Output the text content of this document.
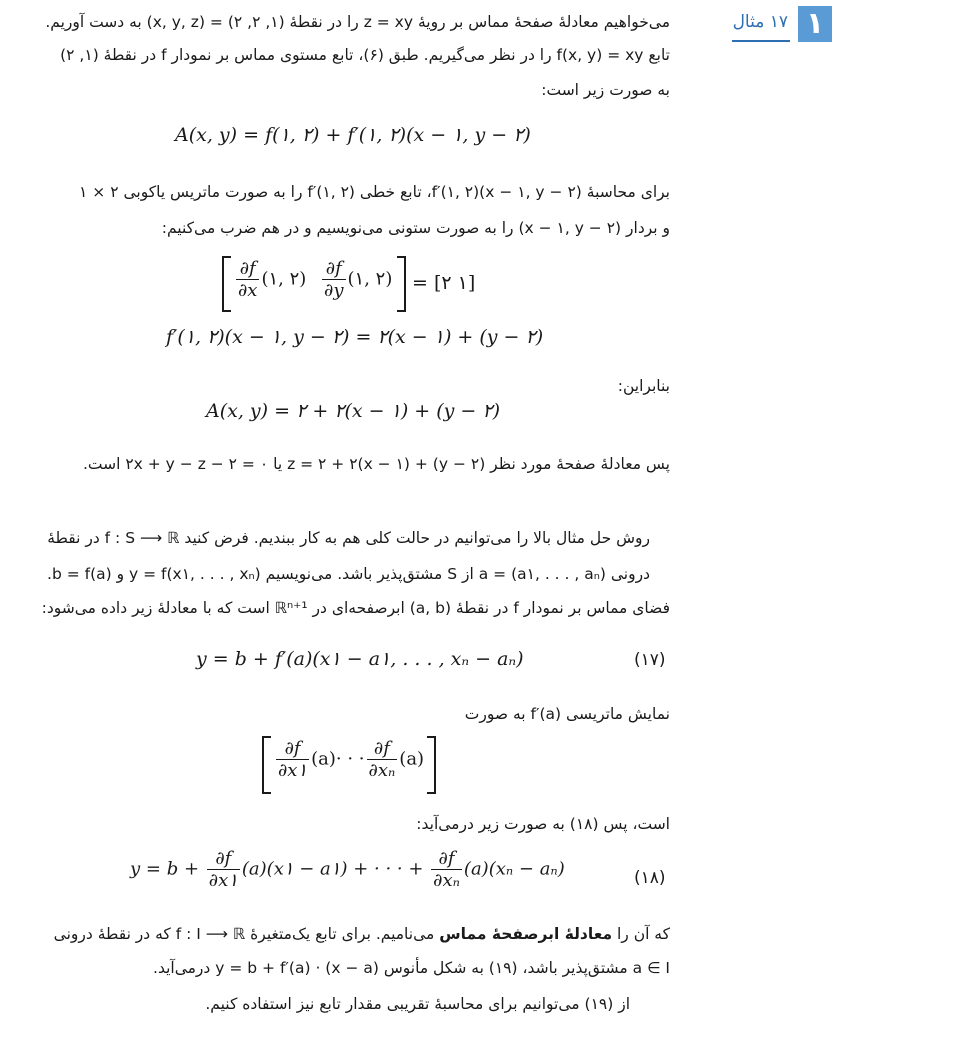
۱
۱۷ مثال
می‌خواهیم معادلهٔ صفحهٔ مماس بر رویهٔ z = xy را در نقطهٔ (۱, ۲, ۲) = (x, y, z) به دست آوریم.
تابع f(x, y) = xy را در نظر می‌گیریم. طبق (۶)، تابع مستوی مماس بر نمودار f در نقطهٔ (۱, ۲)
به صورت زیر است:
A(x, y) = f(۱, ۲) + f′(۱, ۲)(x − ۱, y − ۲)
برای محاسبهٔ (x − ۱, y − ۲)f′(۱, ۲)، تابع خطی f′(۱, ۲) را به صورت ماتریس یاکوبی ۲ × ۱
و بردار (x − ۱, y − ۲) را به صورت ستونی می‌نویسیم و در هم ضرب می‌کنیم:
$\frac{\partial f}{\partial x}$ (۱, ۲) $\frac{\partial f}{\partial y}$ (۱, ۲) = [۲ ۱]
f′(۱, ۲)(x − ۱, y − ۲) = ۲(x − ۱) + (y − ۲)
بنابراین:
A(x, y) = ۲ + ۲(x − ۱) + (y − ۲)
پس معادلهٔ صفحهٔ مورد نظر z = ۲ + ۲(x − ۱) + (y − ۲) یا ۲x + y − z − ۲ = ۰ است.
روش حل مثال بالا را می‌توانیم در حالت کلی هم به کار ببندیم. فرض کنید f : S ⟶ ℝ در نقطهٔ
درونی a = (a۱, . . . , aₙ) از S مشتق‌پذیر باشد. می‌نویسیم y = f(x۱, . . . , xₙ) و b = f(a).
فضای مماس بر نمودار f در نقطهٔ (a, b) ابرصفحه‌ای در ℝⁿ⁺¹ است که با معادلهٔ زیر داده می‌شود:
y = b + f′(a)(x۱ − a۱, . . . , xₙ − aₙ)	(۱۷)
نمایش ماتریسی f′(a) به صورت
$\frac{\partial f}{\partial x۱} (a)\cdot$ · · $\frac{\partial f}{\text{∂xₙ}} (a)$
است، پس (۱۸) به صورت زیر درمی‌آید:
$y = b + \frac{\partial f}{\partial x۱}$ (a)(x۱ − a۱) + · · · + $\frac{\partial f}{\text{∂xₙ}} (a)(x_n - a_n)$	(۱۸)
که آن را معادلهٔ ابرصفحهٔ مماس می‌نامیم. برای تابع یک‌متغیرهٔ f : I ⟶ ℝ که در نقطهٔ درونی
a ∈ I مشتق‌پذیر باشد، (۱۹) به شکل مأنوس y = b + f′(a) · (x − a) درمی‌آید.
از (۱۹) می‌توانیم برای محاسبهٔ تقریبی مقدار تابع نیز استفاده کنیم.
